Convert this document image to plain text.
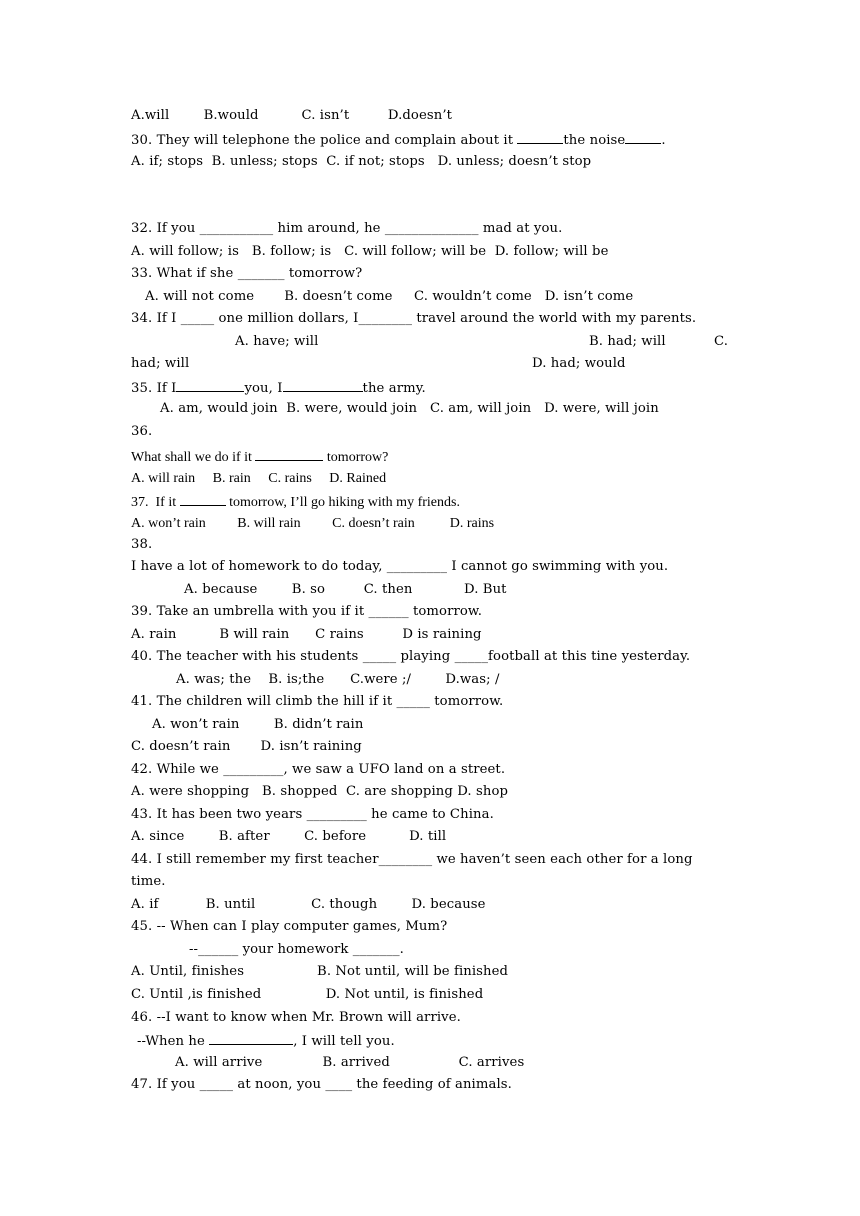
A.will        B.would          C. isn’t         D.doesn’t
30. They will telephone the police and complain about it	the noise	.
A. if; stops  B. unless; stops  C. if not; stops   D. unless; doesn’t stop
32. If you ___________ him around, he ______________ mad at you.
A. will follow; is   B. follow; is   C. will follow; will be  D. follow; will be
33. What if she _______ tomorrow?
A. will not come       B. doesn’t come     C. wouldn’t come   D. isn’t come
34. If I _____ one million dollars, I________ travel around the world with my parents.
A. have; will	B. had; will	C.
had; will	D. had; would
35. If I	you, I	the army.
A. am, would join  B. were, would join   C. am, will join   D. were, will join
36.
What shall we do if it	tomorrow?
A. will rain     B. rain     C. rains     D. Rained
37.  If it	tomorrow, I’ll go hiking with my friends.
A. won’t rain         B. will rain         C. doesn’t rain          D. rains
38.
I have a lot of homework to do today, _________ I cannot go swimming with you.
A. because        B. so         C. then            D. But
39. Take an umbrella with you if it ______ tomorrow.
A. rain          B will rain      C rains         D is raining
40. The teacher with his students _____ playing _____football at this tine yesterday.
A. was; the    B. is;the      C.were ;/        D.was; /
41. The children will climb the hill if it _____ tomorrow.
A. won’t rain        B. didn’t rain
C. doesn’t rain       D. isn’t raining
42. While we _________, we saw a UFO land on a street.
A. were shopping   B. shopped  C. are shopping D. shop
43. It has been two years _________ he came to China.
A. since        B. after        C. before          D. till
44. I still remember my first teacher________ we haven’t seen each other for a long
time.
A. if           B. until             C. though        D. because
45. -- When can I play computer games, Mum?
--______ your homework _______.
A. Until, finishes                 B. Not until, will be finished
C. Until ,is finished               D. Not until, is finished
46. --I want to know when Mr. Brown will arrive.
--When he	, I will tell you.
A. will arrive              B. arrived                C. arrives
47. If you _____ at noon, you ____ the feeding of animals.
